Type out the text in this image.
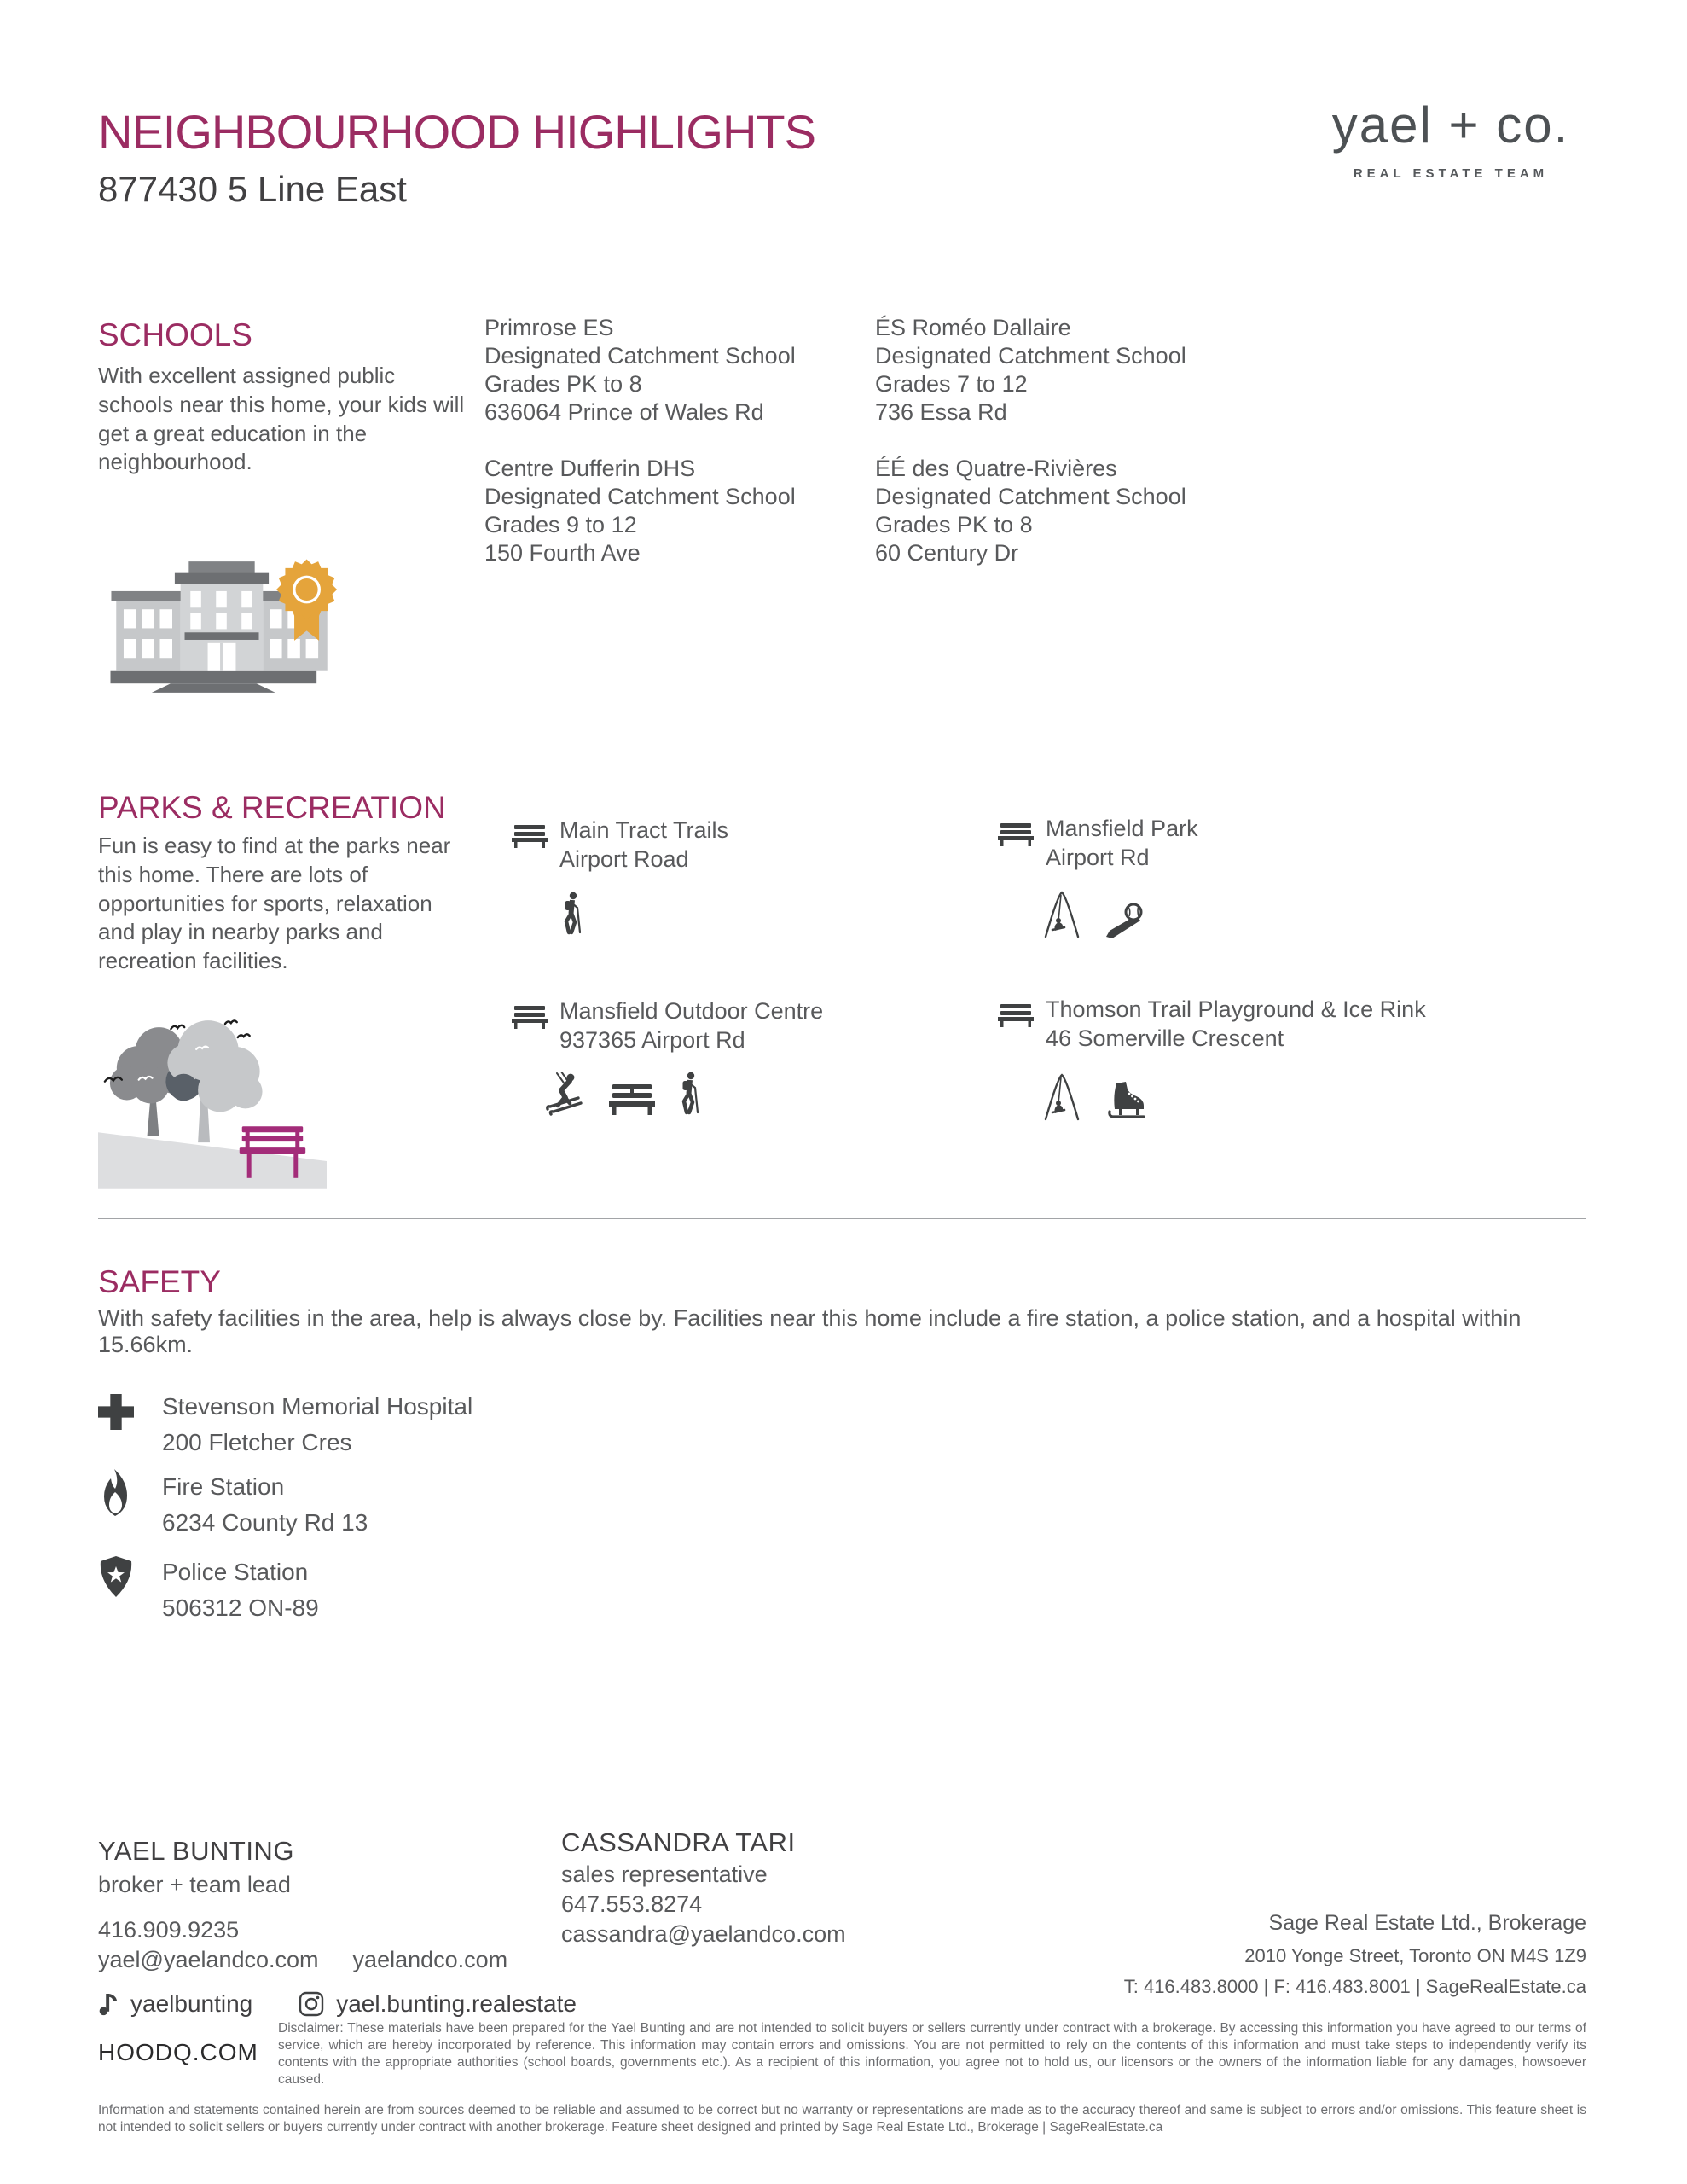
NEIGHBOURHOOD HIGHLIGHTS
877430 5 Line East
yael + co.
REAL ESTATE TEAM
SCHOOLS
With excellent assigned public schools near this home, your kids will get a great education in the neighbourhood.
Primrose ES
Designated Catchment School
Grades PK to 8
636064 Prince of Wales Rd
Centre Dufferin DHS
Designated Catchment School
Grades 9 to 12
150 Fourth Ave
ÉS Roméo Dallaire
Designated Catchment School
Grades 7 to 12
736 Essa Rd
ÉÉ des Quatre-Rivières
Designated Catchment School
Grades PK to 8
60 Century Dr
PARKS & RECREATION
Fun is easy to find at the parks near this home. There are lots of opportunities for sports, relaxation and play in nearby parks and recreation facilities.
Main Tract Trails
Airport Road
Mansfield Park
Airport Rd
Mansfield Outdoor Centre
937365 Airport Rd
Thomson Trail Playground & Ice Rink
46 Somerville Crescent
SAFETY
With safety facilities in the area, help is always close by. Facilities near this home include a fire station, a police station, and a hospital within 15.66km.
Stevenson Memorial Hospital
200 Fletcher Cres
Fire Station
6234 County Rd 13
Police Station
506312 ON-89
YAEL BUNTING
broker + team lead
416.909.9235
yael@yaelandco.com yaelandco.com
yaelbunting	yael.bunting.realestate
CASSANDRA TARI
sales representative
647.553.8274
cassandra@yaelandco.com	Sage Real Estate Ltd., Brokerage
2010 Yonge Street, Toronto ON M4S 1Z9
T: 416.483.8000 | F: 416.483.8001 | SageRealEstate.ca
HOODQ.COM
Disclaimer: These materials have been prepared for the Yael Bunting and are not intended to solicit buyers or sellers currently under contract with a brokerage. By accessing this information you have agreed to our terms of service, which are hereby incorporated by reference. This information may contain errors and omissions. You are not permitted to rely on the contents of this information and must take steps to independently verify its contents with the appropriate authorities (school boards, governments etc.). As a recipient of this information, you agree not to hold us, our licensors or the owners of the information liable for any damages, howsoever caused.
Information and statements contained herein are from sources deemed to be reliable and assumed to be correct but no warranty or representations are made as to the accuracy thereof and same is subject to errors and/or omissions. This feature sheet is not intended to solicit sellers or buyers currently under contract with another brokerage. Feature sheet designed and printed by Sage Real Estate Ltd., Brokerage | SageRealEstate.ca
